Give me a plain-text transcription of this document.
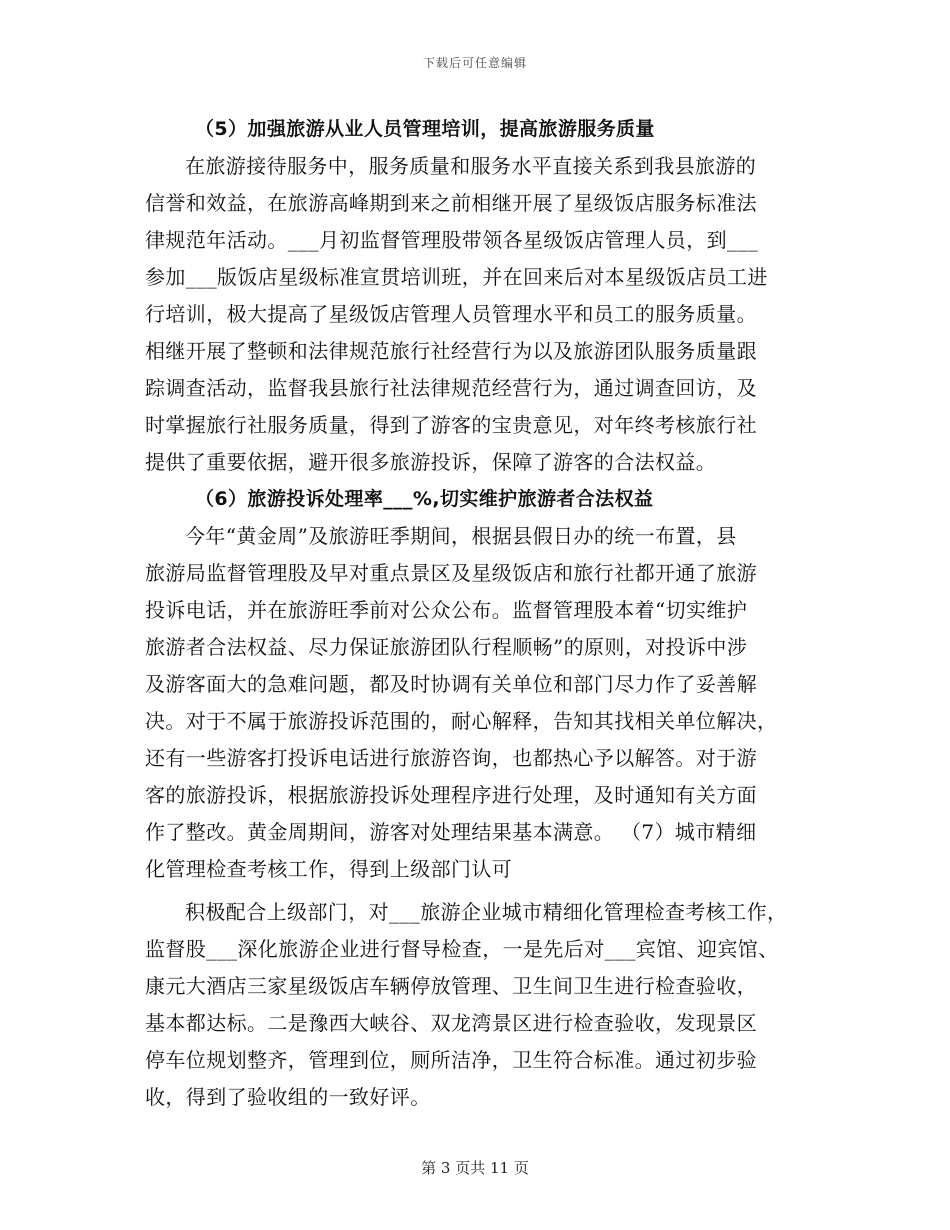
下载后可任意编辑
（5）加强旅游从业人员管理培训，提高旅游服务质量
在旅游接待服务中，服务质量和服务水平直接关系到我县旅游的
信誉和效益，在旅游高峰期到来之前相继开展了星级饭店服务标准法
律规范年活动。___月初监督管理股带领各星级饭店管理人员，到___
参加___版饭店星级标准宣贯培训班，并在回来后对本星级饭店员工进
行培训，极大提高了星级饭店管理人员管理水平和员工的服务质量。
相继开展了整顿和法律规范旅行社经营行为以及旅游团队服务质量跟
踪调查活动，监督我县旅行社法律规范经营行为，通过调查回访，及
时掌握旅行社服务质量，得到了游客的宝贵意见，对年终考核旅行社
提供了重要依据，避开很多旅游投诉，保障了游客的合法权益。
（6）旅游投诉处理率___%,切实维护旅游者合法权益
今年“黄金周”及旅游旺季期间，根据县假日办的统一布置，县
旅游局监督管理股及早对重点景区及星级饭店和旅行社都开通了旅游
投诉电话，并在旅游旺季前对公众公布。监督管理股本着“切实维护
旅游者合法权益、尽力保证旅游团队行程顺畅”的原则，对投诉中涉
及游客面大的急难问题，都及时协调有关单位和部门尽力作了妥善解
决。对于不属于旅游投诉范围的，耐心解释，告知其找相关单位解决，
还有一些游客打投诉电话进行旅游咨询，也都热心予以解答。对于游
客的旅游投诉，根据旅游投诉处理程序进行处理，及时通知有关方面
作了整改。黄金周期间，游客对处理结果基本满意。 （7）城市精细
化管理检查考核工作，得到上级部门认可
积极配合上级部门，对___旅游企业城市精细化管理检查考核工作，
监督股___深化旅游企业进行督导检查，一是先后对___宾馆、迎宾馆、
康元大酒店三家星级饭店车辆停放管理、卫生间卫生进行检查验收，
基本都达标。二是豫西大峡谷、双龙湾景区进行检查验收，发现景区
停车位规划整齐，管理到位，厕所洁净，卫生符合标准。通过初步验
收，得到了验收组的一致好评。
第 3 页共 11 页
